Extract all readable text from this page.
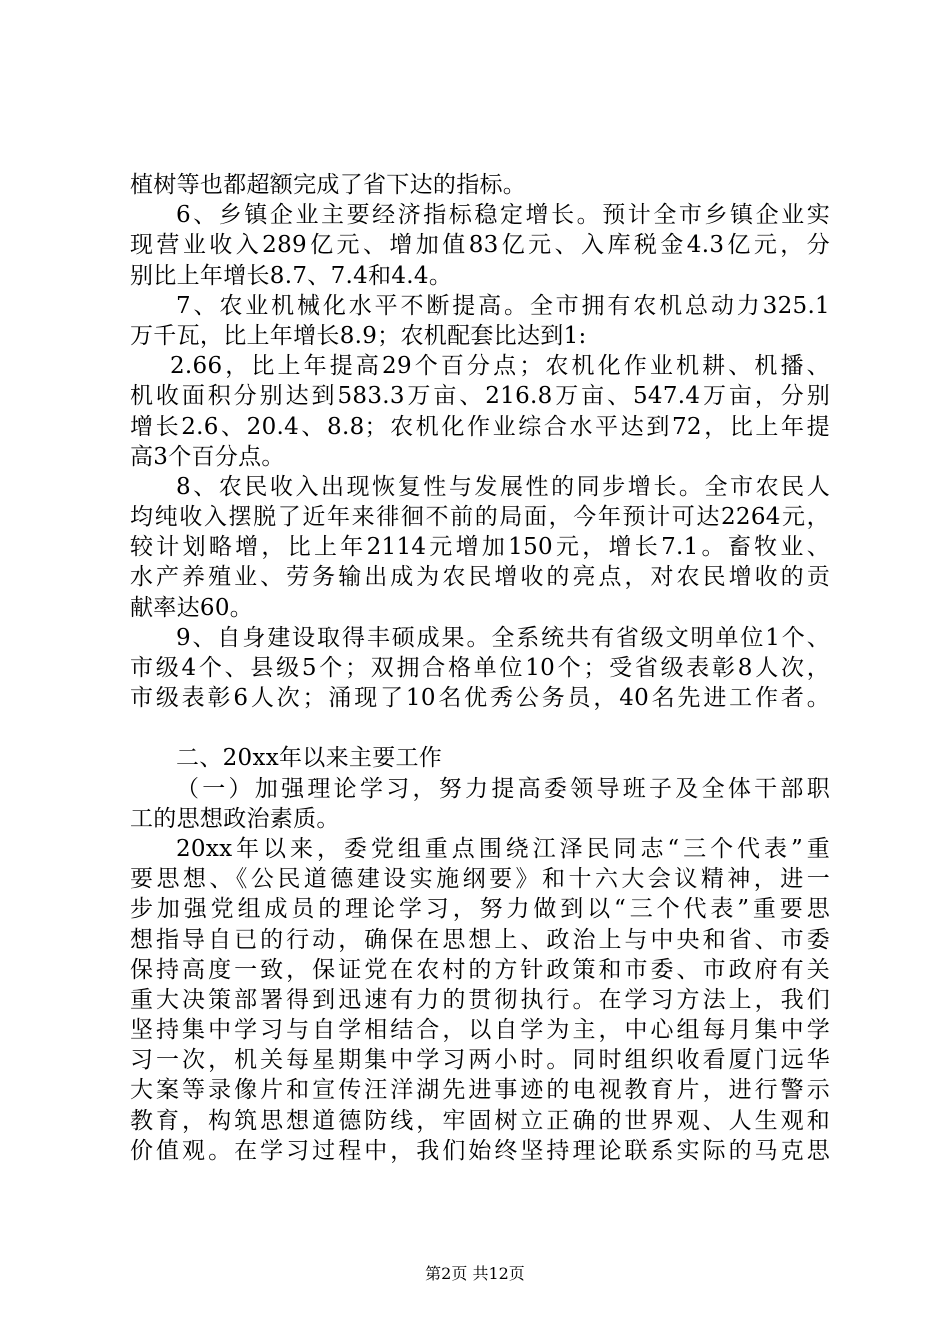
植树等也都超额完成了省下达的指标。
6、乡镇企业主要经济指标稳定增长。预计全市乡镇企业实
现营业收入289亿元、增加值83亿元、入库税金4.3亿元，分
别比上年增长8.7、7.4和4.4。
7、农业机械化水平不断提高。全市拥有农机总动力325.1
万千瓦，比上年增长8.9；农机配套比达到1:
2.66，比上年提高29个百分点；农机化作业机耕、机播、
机收面积分别达到583.3万亩、216.8万亩、547.4万亩，分别
增长2.6、20.4、8.8；农机化作业综合水平达到72，比上年提
高3个百分点。
8、农民收入出现恢复性与发展性的同步增长。全市农民人
均纯收入摆脱了近年来徘徊不前的局面，今年预计可达2264元，
较计划略增，比上年2114元增加150元，增长7.1。畜牧业、
水产养殖业、劳务输出成为农民增收的亮点，对农民增收的贡
献率达60。
9、自身建设取得丰硕成果。全系统共有省级文明单位1个、
市级4个、县级5个；双拥合格单位10个；受省级表彰8人次，
市级表彰6人次；涌现了10名优秀公务员，40名先进工作者。
二、20xx年以来主要工作
（一）加强理论学习，努力提高委领导班子及全体干部职
工的思想政治素质。
20xx年以来，委党组重点围绕江泽民同志“三个代表”重
要思想、《公民道德建设实施纲要》和十六大会议精神，进一
步加强党组成员的理论学习，努力做到以“三个代表”重要思
想指导自已的行动，确保在思想上、政治上与中央和省、市委
保持高度一致，保证党在农村的方针政策和市委、市政府有关
重大决策部署得到迅速有力的贯彻执行。在学习方法上，我们
坚持集中学习与自学相结合，以自学为主，中心组每月集中学
习一次，机关每星期集中学习两小时。同时组织收看厦门远华
大案等录像片和宣传汪洋湖先进事迹的电视教育片，进行警示
教育，构筑思想道德防线，牢固树立正确的世界观、人生观和
价值观。在学习过程中，我们始终坚持理论联系实际的马克思
第2页 共12页
